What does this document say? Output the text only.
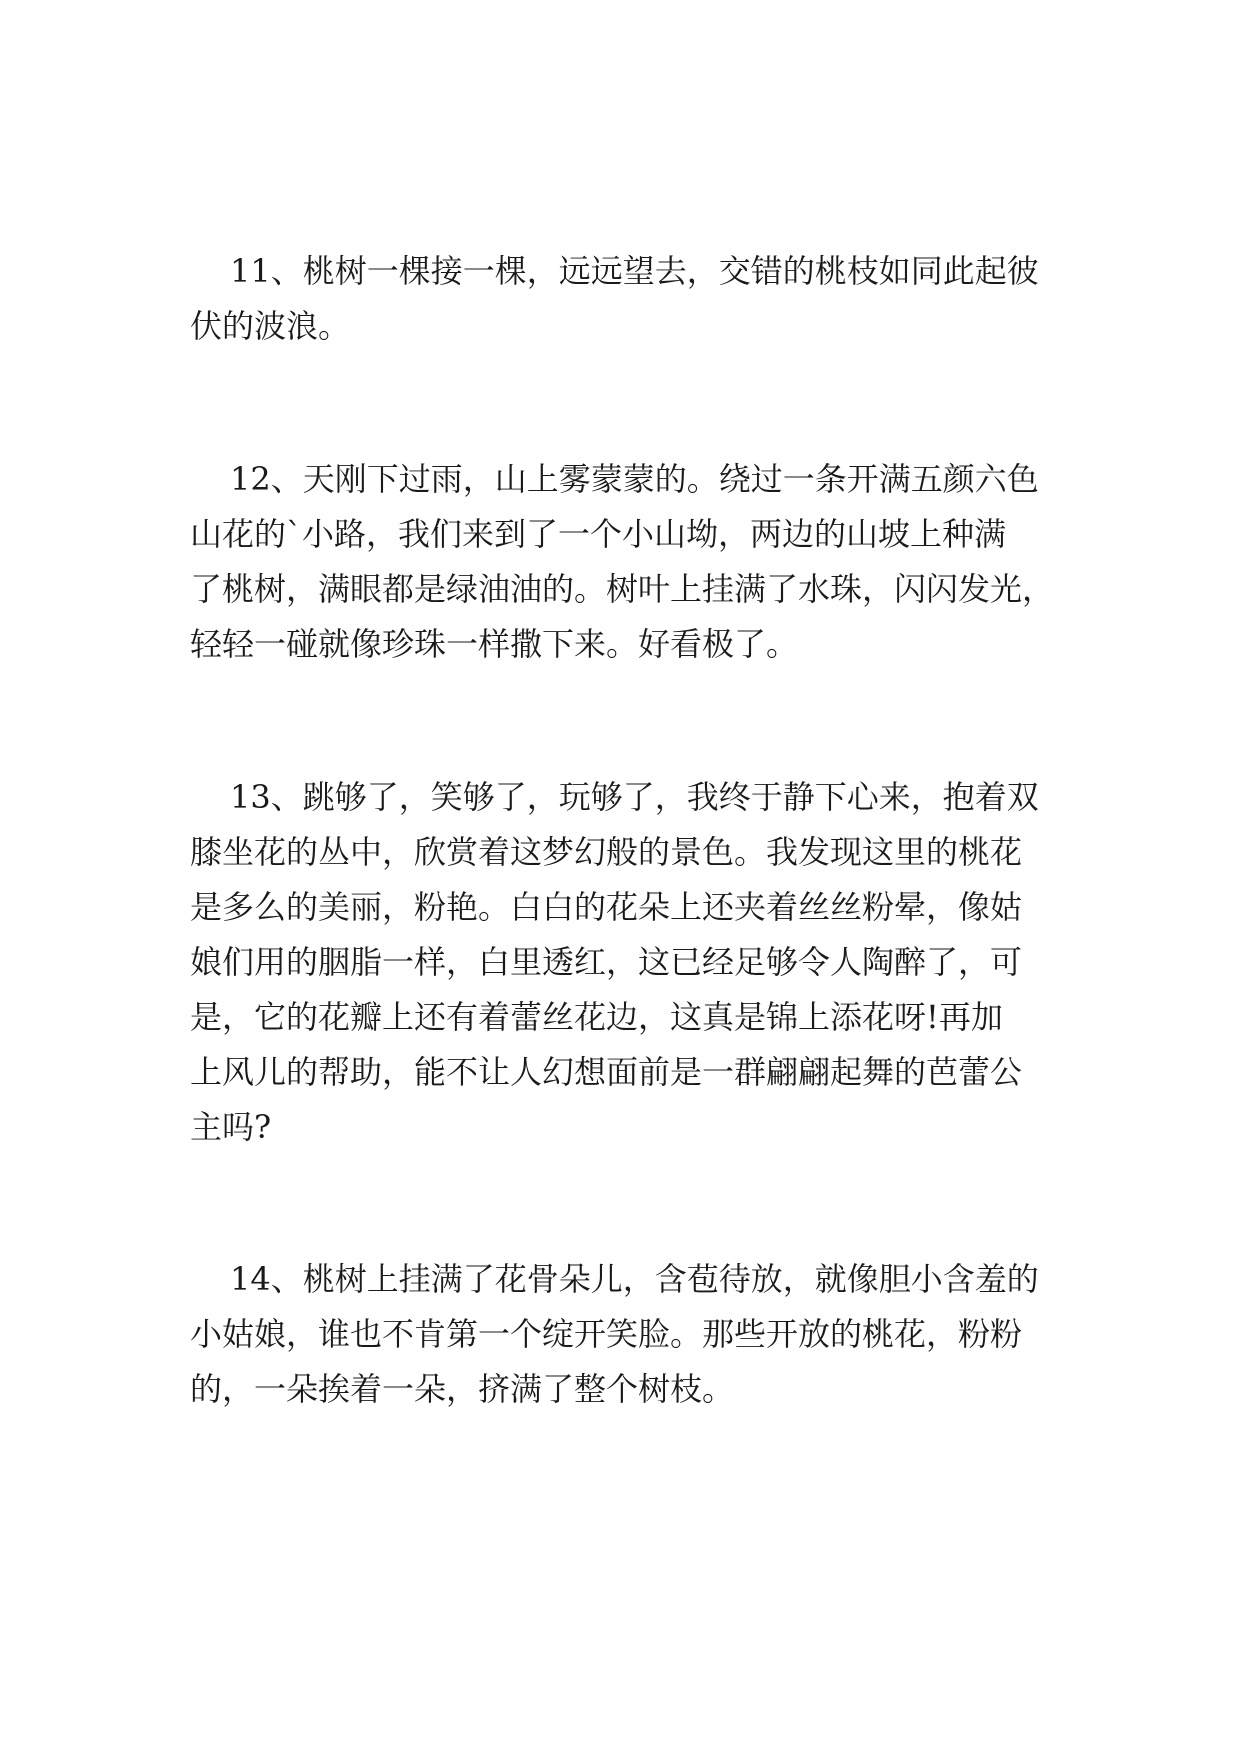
11、桃树一棵接一棵，远远望去，交错的桃枝如同此起彼
伏的波浪。
12、天刚下过雨，山上雾蒙蒙的。绕过一条开满五颜六色
山花的`小路，我们来到了一个小山坳，两边的山坡上种满
了桃树，满眼都是绿油油的。树叶上挂满了水珠，闪闪发光，
轻轻一碰就像珍珠一样撒下来。好看极了。
13、跳够了，笑够了，玩够了，我终于静下心来，抱着双
膝坐花的丛中，欣赏着这梦幻般的景色。我发现这里的桃花
是多么的美丽，粉艳。白白的花朵上还夹着丝丝粉晕，像姑
娘们用的胭脂一样，白里透红，这已经足够令人陶醉了，可
是，它的花瓣上还有着蕾丝花边，这真是锦上添花呀!再加
上风儿的帮助，能不让人幻想面前是一群翩翩起舞的芭蕾公
主吗?
14、桃树上挂满了花骨朵儿，含苞待放，就像胆小含羞的
小姑娘，谁也不肯第一个绽开笑脸。那些开放的桃花，粉粉
的，一朵挨着一朵，挤满了整个树枝。
